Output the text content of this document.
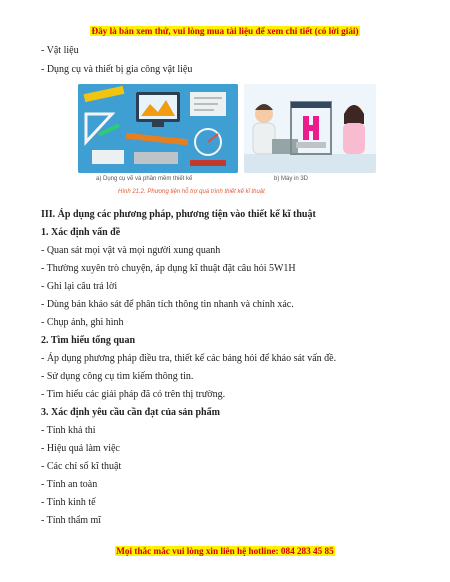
Đây là bản xem thử, vui lòng mua tài liệu để xem chi tiết (có lời giải)
- Vật liệu
- Dụng cụ và thiết bị gia công vật liệu
a) Dụng cụ vẽ và phần mềm thiết kế	b) Máy in 3D
Hình 21.2. Phương tiện hỗ trợ quá trình thiết kế kĩ thuật
III. Áp dụng các phương pháp, phương tiện vào thiết kế kĩ thuật
1. Xác định vấn đề
- Quan sát mọi vật và mọi người xung quanh
- Thường xuyên trò chuyện, áp dụng kĩ thuật đặt câu hỏi 5W1H
- Ghi lại câu trả lời
- Dùng bản khảo sát để phân tích thông tin nhanh và chính xác.
- Chụp ảnh, ghi hình
2. Tìm hiểu tổng quan
- Áp dụng phương pháp điều tra, thiết kế các bảng hỏi để khảo sát vấn đề.
- Sử dụng công cụ tìm kiếm thông tin.
- Tìm hiểu các giải pháp đã có trên thị trường.
3. Xác định yêu cầu cần đạt của sản phẩm
- Tính khả thi
- Hiệu quả làm việc
- Các chỉ số kĩ thuật
- Tính an toàn
- Tính kinh tế
- Tính thẩm mĩ
Mọi thắc mắc vui lòng xin liên hệ hotline: 084 283 45 85
